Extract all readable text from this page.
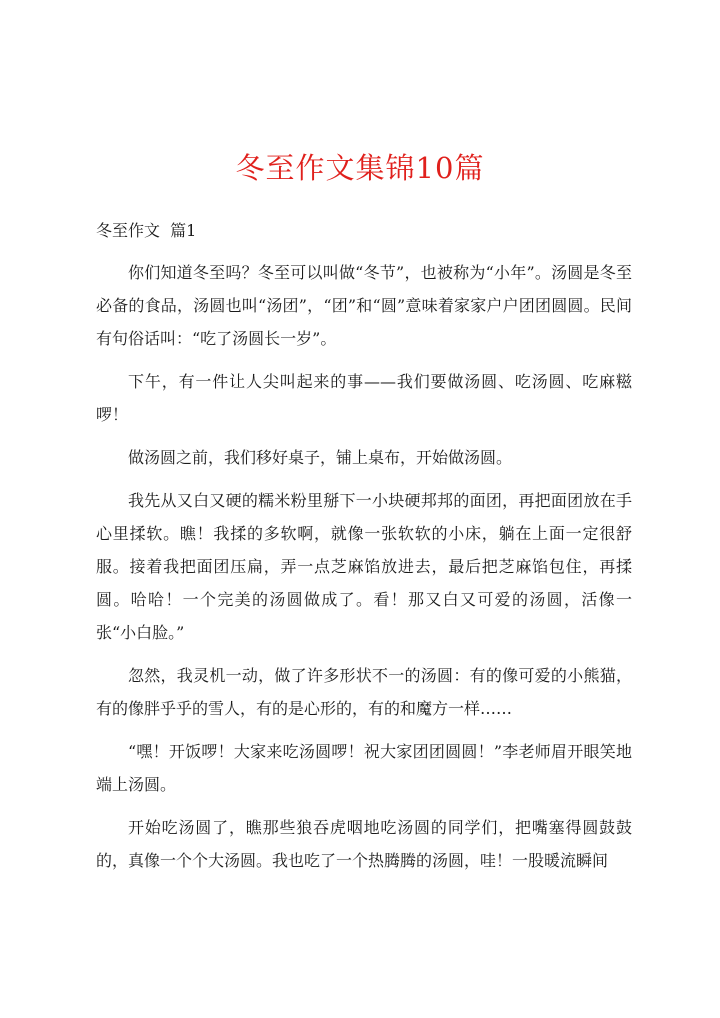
冬至作文集锦10篇
冬至作文  篇1

你们知道冬至吗？冬至可以叫做“冬节”，也被称为“小年”。汤圆是冬至必备的食品，汤圆也叫“汤团”，“团”和“圆”意味着家家户户团团圆圆。民间有句俗话叫：“吃了汤圆长一岁”。

下午，有一件让人尖叫起来的事——我们要做汤圆、吃汤圆、吃麻糍啰！

做汤圆之前，我们移好桌子，铺上桌布，开始做汤圆。

我先从又白又硬的糯米粉里掰下一小块硬邦邦的面团，再把面团放在手心里揉软。瞧！我揉的多软啊，就像一张软软的小床，躺在上面一定很舒服。接着我把面团压扁，弄一点芝麻馅放进去，最后把芝麻馅包住，再揉圆。哈哈！一个完美的汤圆做成了。看！那又白又可爱的汤圆，活像一张“小白脸。”

忽然，我灵机一动，做了许多形状不一的汤圆：有的像可爱的小熊猫，有的像胖乎乎的雪人，有的是心形的，有的和魔方一样……

“嘿！开饭啰！大家来吃汤圆啰！祝大家团团圆圆！”李老师眉开眼笑地端上汤圆。

开始吃汤圆了，瞧那些狼吞虎咽地吃汤圆的同学们，把嘴塞得圆鼓鼓的，真像一个个大汤圆。我也吃了一个热腾腾的汤圆，哇！一股暖流瞬间
